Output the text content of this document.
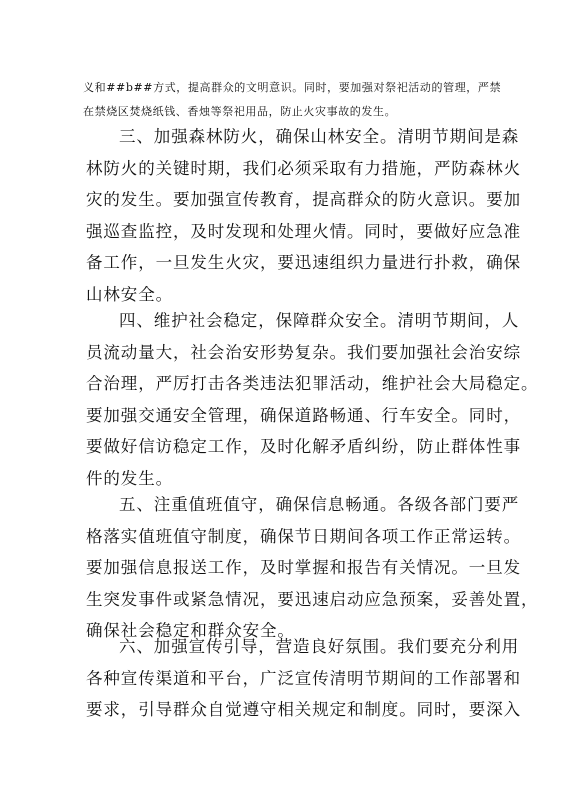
义和##b##方式，提高群众的文明意识。同时，要加强对祭祀活动的管理，严禁
在禁烧区焚烧纸钱、香烛等祭祀用品，防止火灾事故的发生。
三、加强森林防火，确保山林安全。清明节期间是森
林防火的关键时期，我们必须采取有力措施，严防森林火
灾的发生。要加强宣传教育，提高群众的防火意识。要加
强巡查监控，及时发现和处理火情。同时，要做好应急准
备工作，一旦发生火灾，要迅速组织力量进行扑救，确保
山林安全。
四、维护社会稳定，保障群众安全。清明节期间，人
员流动量大，社会治安形势复杂。我们要加强社会治安综
合治理，严厉打击各类违法犯罪活动，维护社会大局稳定。
要加强交通安全管理，确保道路畅通、行车安全。同时，
要做好信访稳定工作，及时化解矛盾纠纷，防止群体性事
件的发生。
五、注重值班值守，确保信息畅通。各级各部门要严
格落实值班值守制度，确保节日期间各项工作正常运转。
要加强信息报送工作，及时掌握和报告有关情况。一旦发
生突发事件或紧急情况，要迅速启动应急预案，妥善处置，
确保社会稳定和群众安全。
六、加强宣传引导，营造良好氛围。我们要充分利用
各种宣传渠道和平台，广泛宣传清明节期间的工作部署和
要求，引导群众自觉遵守相关规定和制度。同时，要深入
